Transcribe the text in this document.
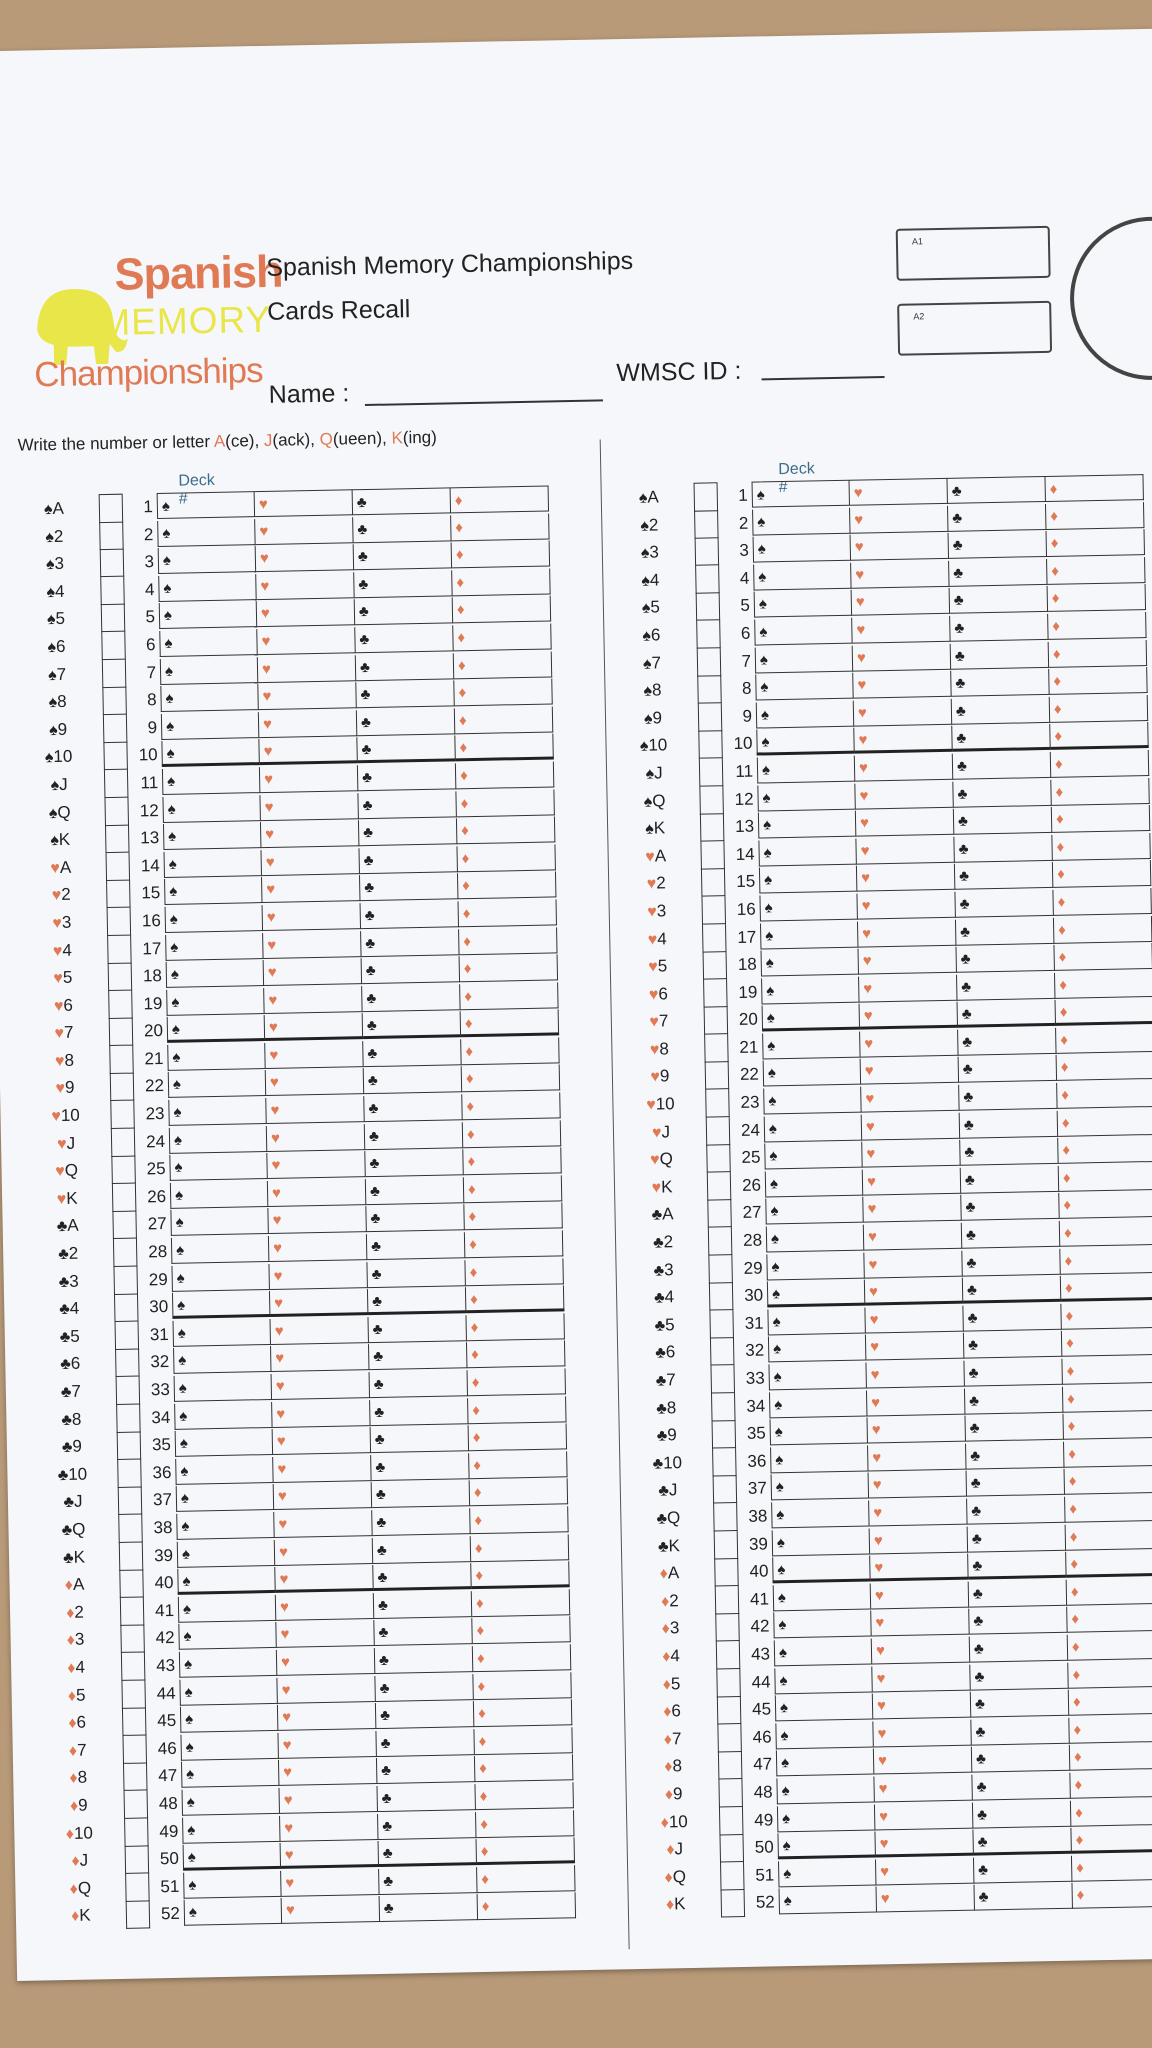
Spanish
MEMORY
Championships
Spanish Memory Championships
Cards Recall
Name :
WMSC ID :
A1
A2
Write the number or letter A(ce), J(ack), Q(ueen), K(ing)
Deck #
♠A	1 ♠	♥	♣	♦
♠2	2 ♠	♥	♣	♦
♠3	3 ♠	♥	♣	♦
♠4	4 ♠	♥	♣	♦
♠5	5 ♠	♥	♣	♦
♠6	6 ♠	♥	♣	♦
♠7	7 ♠	♥	♣	♦
♠8	8 ♠	♥	♣	♦
♠9	9 ♠	♥	♣	♦
♠10	10 ♠	♥	♣	♦
♠J	11 ♠	♥	♣	♦
♠Q	12 ♠	♥	♣	♦
♠K	13 ♠	♥	♣	♦
♥A	14 ♠	♥	♣	♦
♥2	15 ♠	♥	♣	♦
♥3	16 ♠	♥	♣	♦
♥4	17 ♠	♥	♣	♦
♥5	18 ♠	♥	♣	♦
♥6	19 ♠	♥	♣	♦
♥7	20 ♠	♥	♣	♦
♥8	21 ♠	♥	♣	♦
♥9	22 ♠	♥	♣	♦
♥10	23 ♠	♥	♣	♦
♥J	24 ♠	♥	♣	♦
♥Q	25 ♠	♥	♣	♦
♥K	26 ♠	♥	♣	♦
♣A	27 ♠	♥	♣	♦
♣2	28 ♠	♥	♣	♦
♣3	29 ♠	♥	♣	♦
♣4	30 ♠	♥	♣	♦
♣5	31 ♠	♥	♣	♦
♣6	32 ♠	♥	♣	♦
♣7	33 ♠	♥	♣	♦
♣8	34 ♠	♥	♣	♦
♣9	35 ♠	♥	♣	♦
♣10	36 ♠	♥	♣	♦
♣J	37 ♠	♥	♣	♦
♣Q	38 ♠	♥	♣	♦
♣K	39 ♠	♥	♣	♦
♦A	40 ♠	♥	♣	♦
♦2	41 ♠	♥	♣	♦
♦3	42 ♠	♥	♣	♦
♦4	43 ♠	♥	♣	♦
♦5	44 ♠	♥	♣	♦
♦6	45 ♠	♥	♣	♦
♦7	46 ♠	♥	♣	♦
♦8	47 ♠	♥	♣	♦
♦9	48 ♠	♥	♣	♦
♦10	49 ♠	♥	♣	♦
♦J	50 ♠	♥	♣	♦
♦Q	51 ♠	♥	♣	♦
♦K	52 ♠	♥	♣	♦
Deck #
♠A	1 ♠	♥	♣	♦
♠2	2 ♠	♥	♣	♦
♠3	3 ♠	♥	♣	♦
♠4	4 ♠	♥	♣	♦
♠5	5 ♠	♥	♣	♦
♠6	6 ♠	♥	♣	♦
♠7	7 ♠	♥	♣	♦
♠8	8 ♠	♥	♣	♦
♠9	9 ♠	♥	♣	♦
♠10	10 ♠	♥	♣	♦
♠J	11 ♠	♥	♣	♦
♠Q	12 ♠	♥	♣	♦
♠K	13 ♠	♥	♣	♦
♥A	14 ♠	♥	♣	♦
♥2	15 ♠	♥	♣	♦
♥3	16 ♠	♥	♣	♦
♥4	17 ♠	♥	♣	♦
♥5	18 ♠	♥	♣	♦
♥6	19 ♠	♥	♣	♦
♥7	20 ♠	♥	♣	♦
♥8	21 ♠	♥	♣	♦
♥9	22 ♠	♥	♣	♦
♥10	23 ♠	♥	♣	♦
♥J	24 ♠	♥	♣	♦
♥Q	25 ♠	♥	♣	♦
♥K	26 ♠	♥	♣	♦
♣A	27 ♠	♥	♣	♦
♣2	28 ♠	♥	♣	♦
♣3	29 ♠	♥	♣	♦
♣4	30 ♠	♥	♣	♦
♣5	31 ♠	♥	♣	♦
♣6	32 ♠	♥	♣	♦
♣7	33 ♠	♥	♣	♦
♣8	34 ♠	♥	♣	♦
♣9	35 ♠	♥	♣	♦
♣10	36 ♠	♥	♣	♦
♣J	37 ♠	♥	♣	♦
♣Q	38 ♠	♥	♣	♦
♣K	39 ♠	♥	♣	♦
♦A	40 ♠	♥	♣	♦
♦2	41 ♠	♥	♣	♦
♦3	42 ♠	♥	♣	♦
♦4	43 ♠	♥	♣	♦
♦5	44 ♠	♥	♣	♦
♦6	45 ♠	♥	♣	♦
♦7	46 ♠	♥	♣	♦
♦8	47 ♠	♥	♣	♦
♦9	48 ♠	♥	♣	♦
♦10	49 ♠	♥	♣	♦
♦J	50 ♠	♥	♣	♦
♦Q	51 ♠	♥	♣	♦
♦K	52 ♠	♥	♣	♦
